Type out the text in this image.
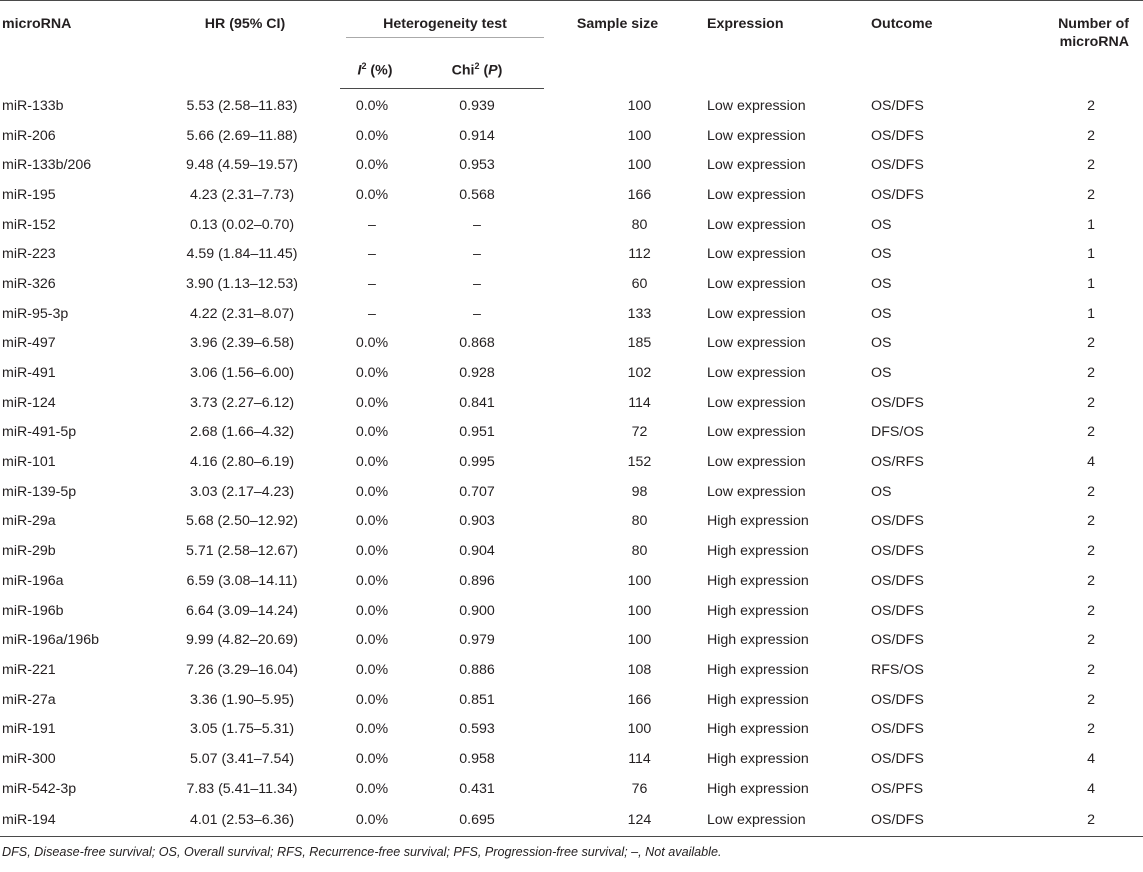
microRNA	HR (95% CI)	Heterogeneity test		Sample size	Expression	Outcome	Number of
microRNA
		$I^2$ (%)	Chi$^2$ (P)				
miR-133b	5.53 (2.58–11.83)	0.0%	0.939	100	Low expression	OS/DFS	2
miR-206	5.66 (2.69–11.88)	0.0%	0.914	100	Low expression	OS/DFS	2
miR-133b/206	9.48 (4.59–19.57)	0.0%	0.953	100	Low expression	OS/DFS	2
miR-195	4.23 (2.31–7.73)	0.0%	0.568	166	Low expression	OS/DFS	2
miR-152	0.13 (0.02–0.70)	–	–	80	Low expression	OS	1
miR-223	4.59 (1.84–11.45)	–	–	112	Low expression	OS	1
miR-326	3.90 (1.13–12.53)	–	–	60	Low expression	OS	1
miR-95-3p	4.22 (2.31–8.07)	–	–	133	Low expression	OS	1
miR-497	3.96 (2.39–6.58)	0.0%	0.868	185	Low expression	OS	2
miR-491	3.06 (1.56–6.00)	0.0%	0.928	102	Low expression	OS	2
miR-124	3.73 (2.27–6.12)	0.0%	0.841	114	Low expression	OS/DFS	2
miR-491-5p	2.68 (1.66–4.32)	0.0%	0.951	72	Low expression	DFS/OS	2
miR-101	4.16 (2.80–6.19)	0.0%	0.995	152	Low expression	OS/RFS	4
miR-139-5p	3.03 (2.17–4.23)	0.0%	0.707	98	Low expression	OS	2
miR-29a	5.68 (2.50–12.92)	0.0%	0.903	80	High expression	OS/DFS	2
miR-29b	5.71 (2.58–12.67)	0.0%	0.904	80	High expression	OS/DFS	2
miR-196a	6.59 (3.08–14.11)	0.0%	0.896	100	High expression	OS/DFS	2
miR-196b	6.64 (3.09–14.24)	0.0%	0.900	100	High expression	OS/DFS	2
miR-196a/196b	9.99 (4.82–20.69)	0.0%	0.979	100	High expression	OS/DFS	2
miR-221	7.26 (3.29–16.04)	0.0%	0.886	108	High expression	RFS/OS	2
miR-27a	3.36 (1.90–5.95)	0.0%	0.851	166	High expression	OS/DFS	2
miR-191	3.05 (1.75–5.31)	0.0%	0.593	100	High expression	OS/DFS	2
miR-300	5.07 (3.41–7.54)	0.0%	0.958	114	High expression	OS/DFS	4
miR-542-3p	7.83 (5.41–11.34)	0.0%	0.431	76	High expression	OS/PFS	4
miR-194	4.01 (2.53–6.36)	0.0%	0.695	124	Low expression	OS/DFS	2
DFS, Disease-free survival; OS, Overall survival; RFS, Recurrence-free survival; PFS, Progression-free survival; –, Not available.
